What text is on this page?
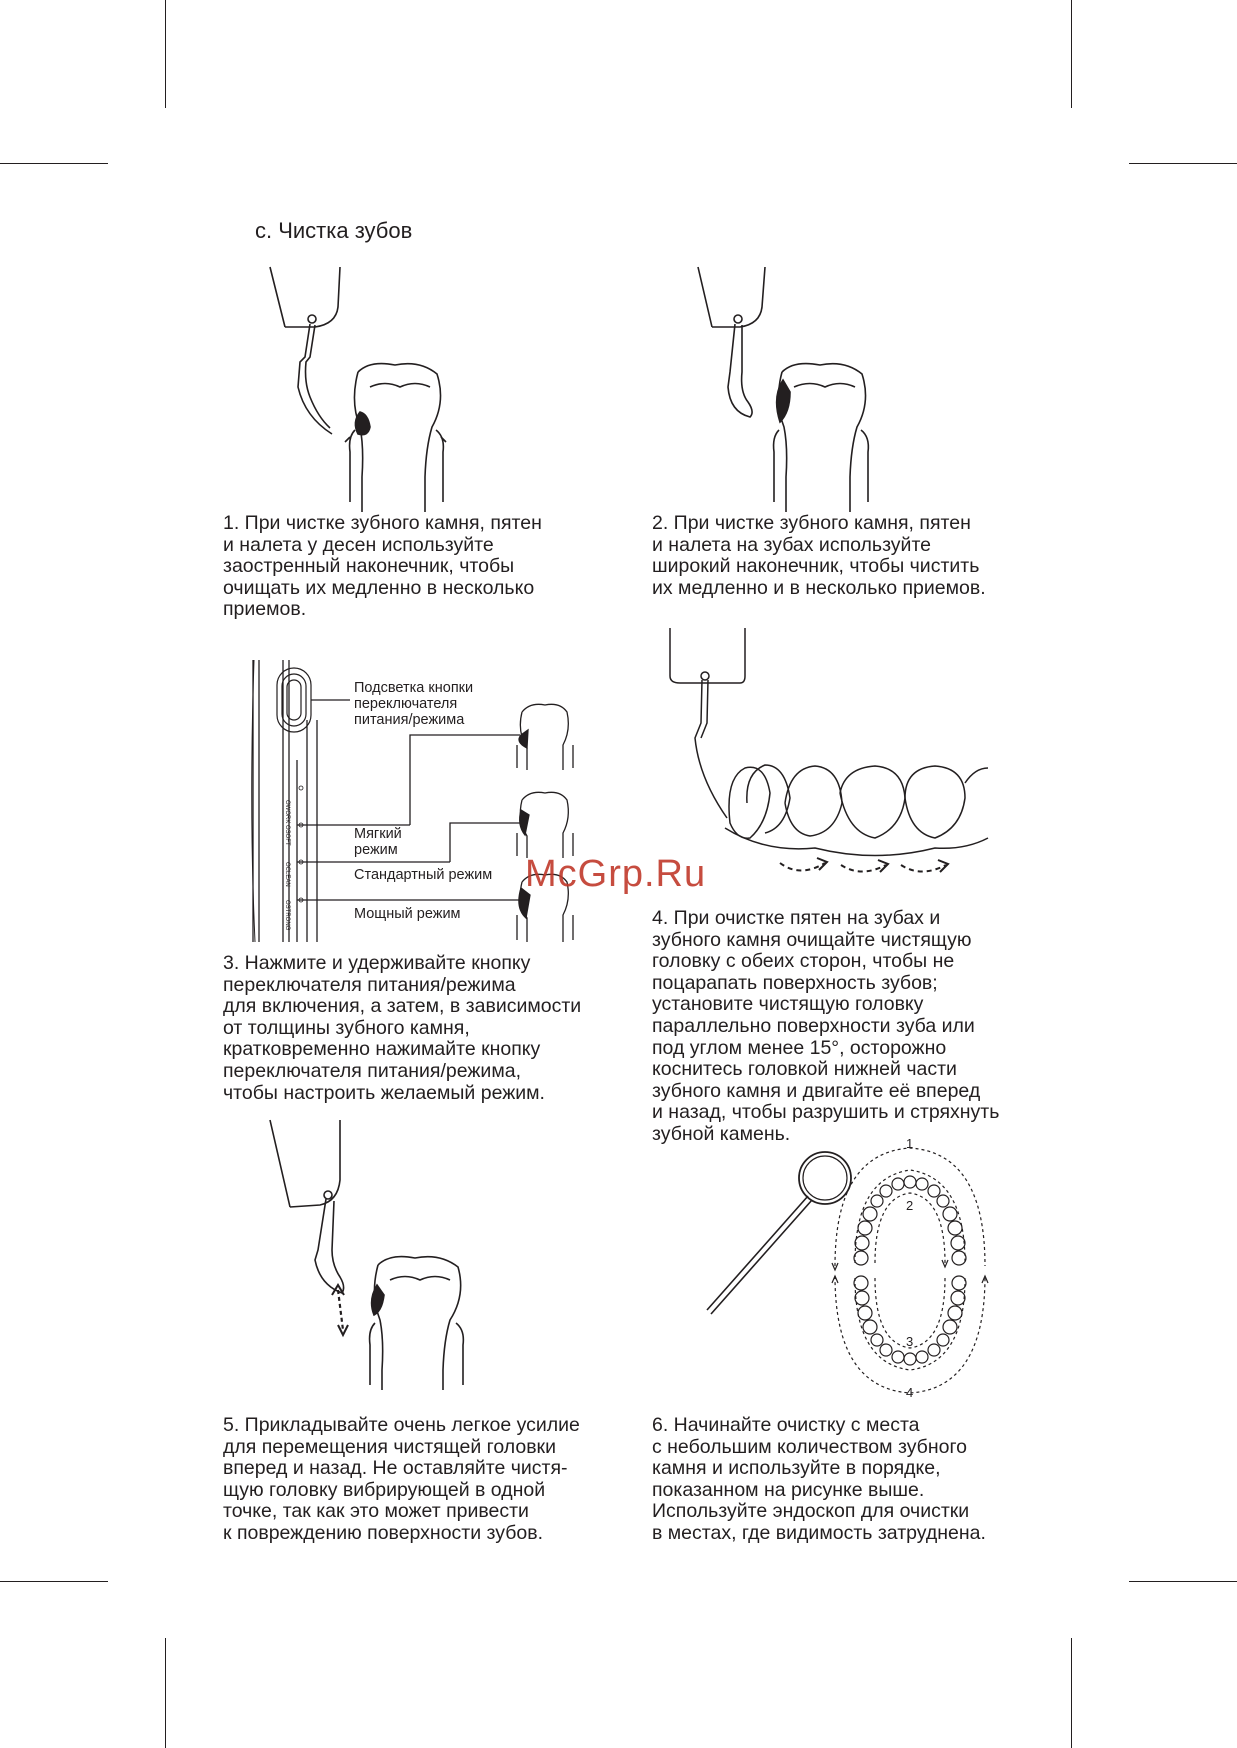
c. Чистка зубов
1. При чистке зубного камня, пятен
и налета у десен используйте
заостренный наконечник, чтобы
очищать их медленно в несколько
приемов.
2. При чистке зубного камня, пятен
и налета на зубах используйте
широкий наконечник, чтобы чистить
их медленно и в несколько приемов.
OWORK
OSOFT
OCLEAN
OSTRONG
Подсветка кнопки
переключателя
питания/режима
Мягкий
режим
Стандартный режим
Мощный режим
McGrp.Ru
3. Нажмите и удерживайте кнопку
переключателя питания/режима
для включения, а затем, в зависимости
от толщины зубного камня,
кратковременно нажимайте кнопку
переключателя питания/режима,
чтобы настроить желаемый режим.
4. При очистке пятен на зубах и
зубного камня очищайте чистящую
головку с обеих сторон, чтобы не
поцарапать поверхность зубов;
установите чистящую головку
параллельно поверхности зуба или
под углом менее 15°, осторожно
коснитесь головкой нижней части
зубного камня и двигайте её вперед
и назад, чтобы разрушить и стряхнуть
зубной камень.	1
2
3
4
5. Прикладывайте очень легкое усилие
для перемещения чистящей головки
вперед и назад. Не оставляйте чистя-
щую головку вибрирующей в одной
точке, так как это может привести
к повреждению поверхности зубов.
6. Начинайте очистку с места
с небольшим количеством зубного
камня и используйте в порядке,
показанном на рисунке выше.
Используйте эндоскоп для очистки
в местах, где видимость затруднена.
